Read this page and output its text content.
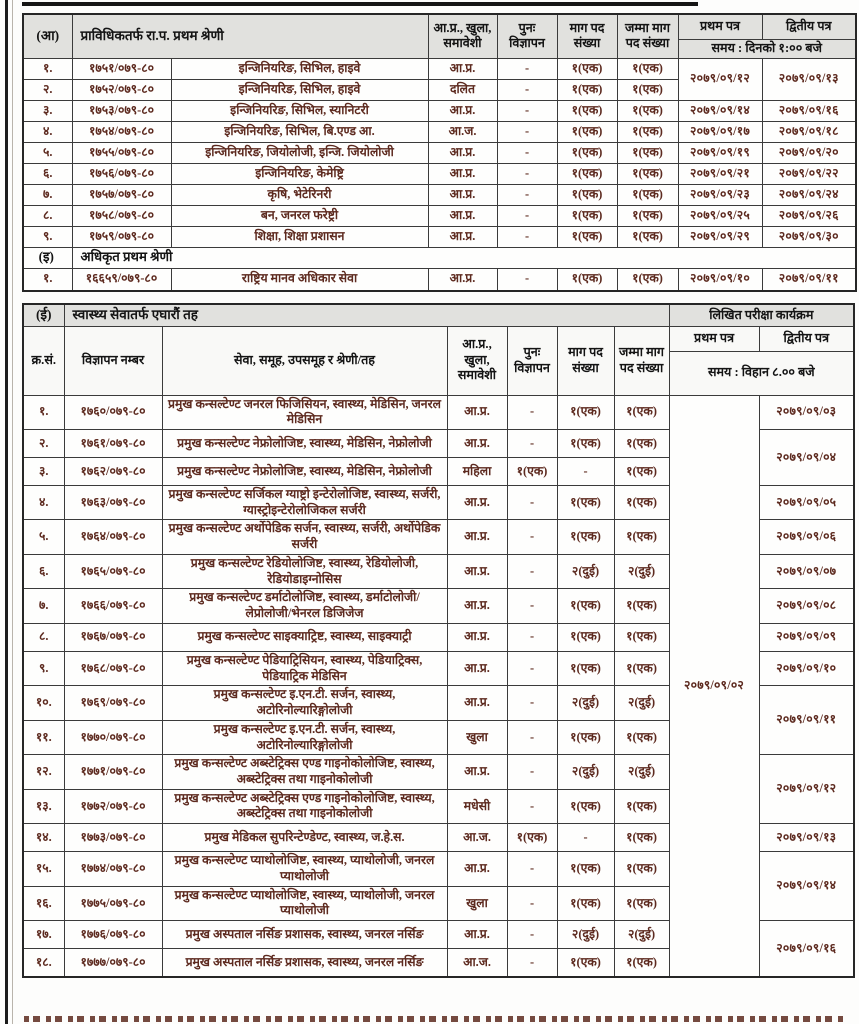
(आ)	प्राविधिकतर्फ रा.प. प्रथम श्रेणी		आ.प्र., खुला, समावेशी	पुनः विज्ञापन	माग पद संख्या	जम्मा माग पद संख्या	प्रथम पत्र	द्वितीय पत्र
							समय : दिनको १:०० बजे	
१.	१७५१/०७९-८०	इन्जिनियरिङ, सिभिल, हाइवे	आ.प्र.	-	१(एक)	१(एक)	२०७९/०९/१२	२०७९/०९/१३
२.	१७५२/०७९-८०	इन्जिनियरिङ, सिभिल, हाइवे	दलित	-	१(एक)	१(एक)		
३.	१७५३/०७९-८०	इन्जिनियरिङ, सिभिल, स्यानिटरी	आ.प्र.	-	१(एक)	१(एक)	२०७९/०९/१४	२०७९/०९/१६
४.	१७५४/०७९-८०	इन्जिनियरिङ, सिभिल, बि.एण्ड आ.	आ.ज.	-	१(एक)	१(एक)	२०७९/०९/१७	२०७९/०९/१८
५.	१७५५/०७९-८०	इन्जिनियरिङ, जियोलोजी, इन्जि. जियोलोजी	आ.प्र.	-	१(एक)	१(एक)	२०७९/०९/१९	२०७९/०९/२०
६.	१७५६/०७९-८०	इन्जिनियरिङ, केमेष्ट्रि	आ.प्र.	-	१(एक)	१(एक)	२०७९/०९/२१	२०७९/०९/२२
७.	१७५७/०७९-८०	कृषि, भेटेरिनरी	आ.प्र.	-	१(एक)	१(एक)	२०७९/०९/२३	२०७९/०९/२४
८.	१७५८/०७९-८०	बन, जनरल फरेष्ट्री	आ.प्र.	-	१(एक)	१(एक)	२०७९/०९/२५	२०७९/०९/२६
९.	१७५९/०७९-८०	शिक्षा, शिक्षा प्रशासन	आ.प्र.	-	१(एक)	१(एक)	२०७९/०९/२९	२०७९/०९/३०
(इ)	अधिकृत प्रथम श्रेणी							
१.	१६६५९/०७९-८०	राष्ट्रिय मानव अधिकार सेवा	आ.प्र.	-	१(एक)	१(एक)	२०७९/०९/१०	२०७९/०९/११
(ई)	स्वास्थ्य सेवातर्फ एघारौं तह						लिखित परीक्षा कार्यक्रम	
क्र.सं.	विज्ञापन नम्बर	सेवा, समूह, उपसमूह र श्रेणी/तह	आ.प्र., खुला, समावेशी	पुनः विज्ञापन	माग पद संख्या	जम्मा माग पद संख्या	प्रथम पत्र	द्वितीय पत्र
							समय : विहान ८.०० बजे	
१.	१७६०/०७९-८०	प्रमुख कन्सल्टेण्ट जनरल फिजिसियन, स्वास्थ्य, मेडिसिन, जनरल मेडिसिन	आ.प्र.	-	१(एक)	१(एक)	२०७९/०९/०२	२०७९/०९/०३
२.	१७६१/०७९-८०	प्रमुख कन्सल्टेण्ट नेफ्रोलोजिष्ट, स्वास्थ्य, मेडिसिन, नेफ्रोलोजी	आ.प्र.	-	१(एक)	१(एक)		२०७९/०९/०४
३.	१७६२/०७९-८०	प्रमुख कन्सल्टेण्ट नेफ्रोलोजिष्ट, स्वास्थ्य, मेडिसिन, नेफ्रोलोजी	महिला	१(एक)	-	१(एक)		
४.	१७६३/०७९-८०	प्रमुख कन्सल्टेण्ट सर्जिकल ग्याष्ट्रो इन्टेरोलोजिष्ट, स्वास्थ्य, सर्जरी, ग्यास्ट्रोइन्टेरोलोजिकल सर्जरी	आ.प्र.	-	१(एक)	१(एक)		२०७९/०९/०५
५.	१७६४/०७९-८०	प्रमुख कन्सल्टेण्ट अर्थोपेडिक सर्जन, स्वास्थ्य, सर्जरी, अर्थोपेडिक सर्जरी	आ.प्र.	-	१(एक)	१(एक)		२०७९/०९/०६
६.	१७६५/०७९-८०	प्रमुख कन्सल्टेण्ट रेडियोलोजिष्ट, स्वास्थ्य, रेडियोलोजी, रेडियोडाइग्नोसिस	आ.प्र.	-	२(दुई)	२(दुई)		२०७९/०९/०७
७.	१७६६/०७९-८०	प्रमुख कन्सल्टेण्ट डर्माटोलोजिष्ट, स्वास्थ्य, डर्माटोलोजी/ लेप्रोलोजी/भेनरल डिजिजेज	आ.प्र.	-	१(एक)	१(एक)		२०७९/०९/०८
८.	१७६७/०७९-८०	प्रमुख कन्सल्टेण्ट साइक्याट्रिष्ट, स्वास्थ्य, साइक्याट्री	आ.प्र.	-	१(एक)	१(एक)		२०७९/०९/०९
९.	१७६८/०७९-८०	प्रमुख कन्सल्टेण्ट पेडियाट्रिसियन, स्वास्थ्य, पेडियाट्रिक्स, पेडियाट्रिक मेडिसिन	आ.प्र.	-	१(एक)	१(एक)		२०७९/०९/१०
१०.	१७६९/०७९-८०	प्रमुख कन्सल्टेण्ट इ.एन.टी. सर्जन, स्वास्थ्य, अटोरिनोल्यारिङ्गोलोजी	आ.प्र.	-	२(दुई)	२(दुई)		२०७९/०९/११
११.	१७७०/०७९-८०	प्रमुख कन्सल्टेण्ट इ.एन.टी. सर्जन, स्वास्थ्य, अटोरिनोल्यारिङ्गोलोजी	खुला	-	१(एक)	१(एक)		
१२.	१७७१/०७९-८०	प्रमुख कन्सल्टेण्ट अब्स्टेट्रिक्स एण्ड गाइनोकोलोजिष्ट, स्वास्थ्य, अब्स्टेट्रिक्स तथा गाइनोकोलोजी	आ.प्र.	-	२(दुई)	२(दुई)		२०७९/०९/१२
१३.	१७७२/०७९-८०	प्रमुख कन्सल्टेण्ट अब्स्टेट्रिक्स एण्ड गाइनोकोलोजिष्ट, स्वास्थ्य, अब्स्टेट्रिक्स तथा गाइनोकोलोजी	मधेसी	-	१(एक)	१(एक)		
१४.	१७७३/०७९-८०	प्रमुख मेडिकल सुपरिन्टेण्डेण्ट, स्वास्थ्य, ज.हे.स.	आ.ज.	१(एक)	-	१(एक)		२०७९/०९/१३
१५.	१७७४/०७९-८०	प्रमुख कन्सल्टेण्ट प्याथोलोजिष्ट, स्वास्थ्य, प्याथोलोजी, जनरल प्याथोलोजी	आ.प्र.	-	१(एक)	१(एक)		२०७९/०९/१४
१६.	१७७५/०७९-८०	प्रमुख कन्सल्टेण्ट प्याथोलोजिष्ट, स्वास्थ्य, प्याथोलोजी, जनरल प्याथोलोजी	खुला	-	१(एक)	१(एक)		
१७.	१७७६/०७९-८०	प्रमुख अस्पताल नर्सिङ प्रशासक, स्वास्थ्य, जनरल नर्सिङ	आ.प्र.	-	२(दुई)	२(दुई)		२०७९/०९/१६
१८.	१७७७/०७९-८०	प्रमुख अस्पताल नर्सिङ प्रशासक, स्वास्थ्य, जनरल नर्सिङ	आ.ज.	-	१(एक)	१(एक)		
